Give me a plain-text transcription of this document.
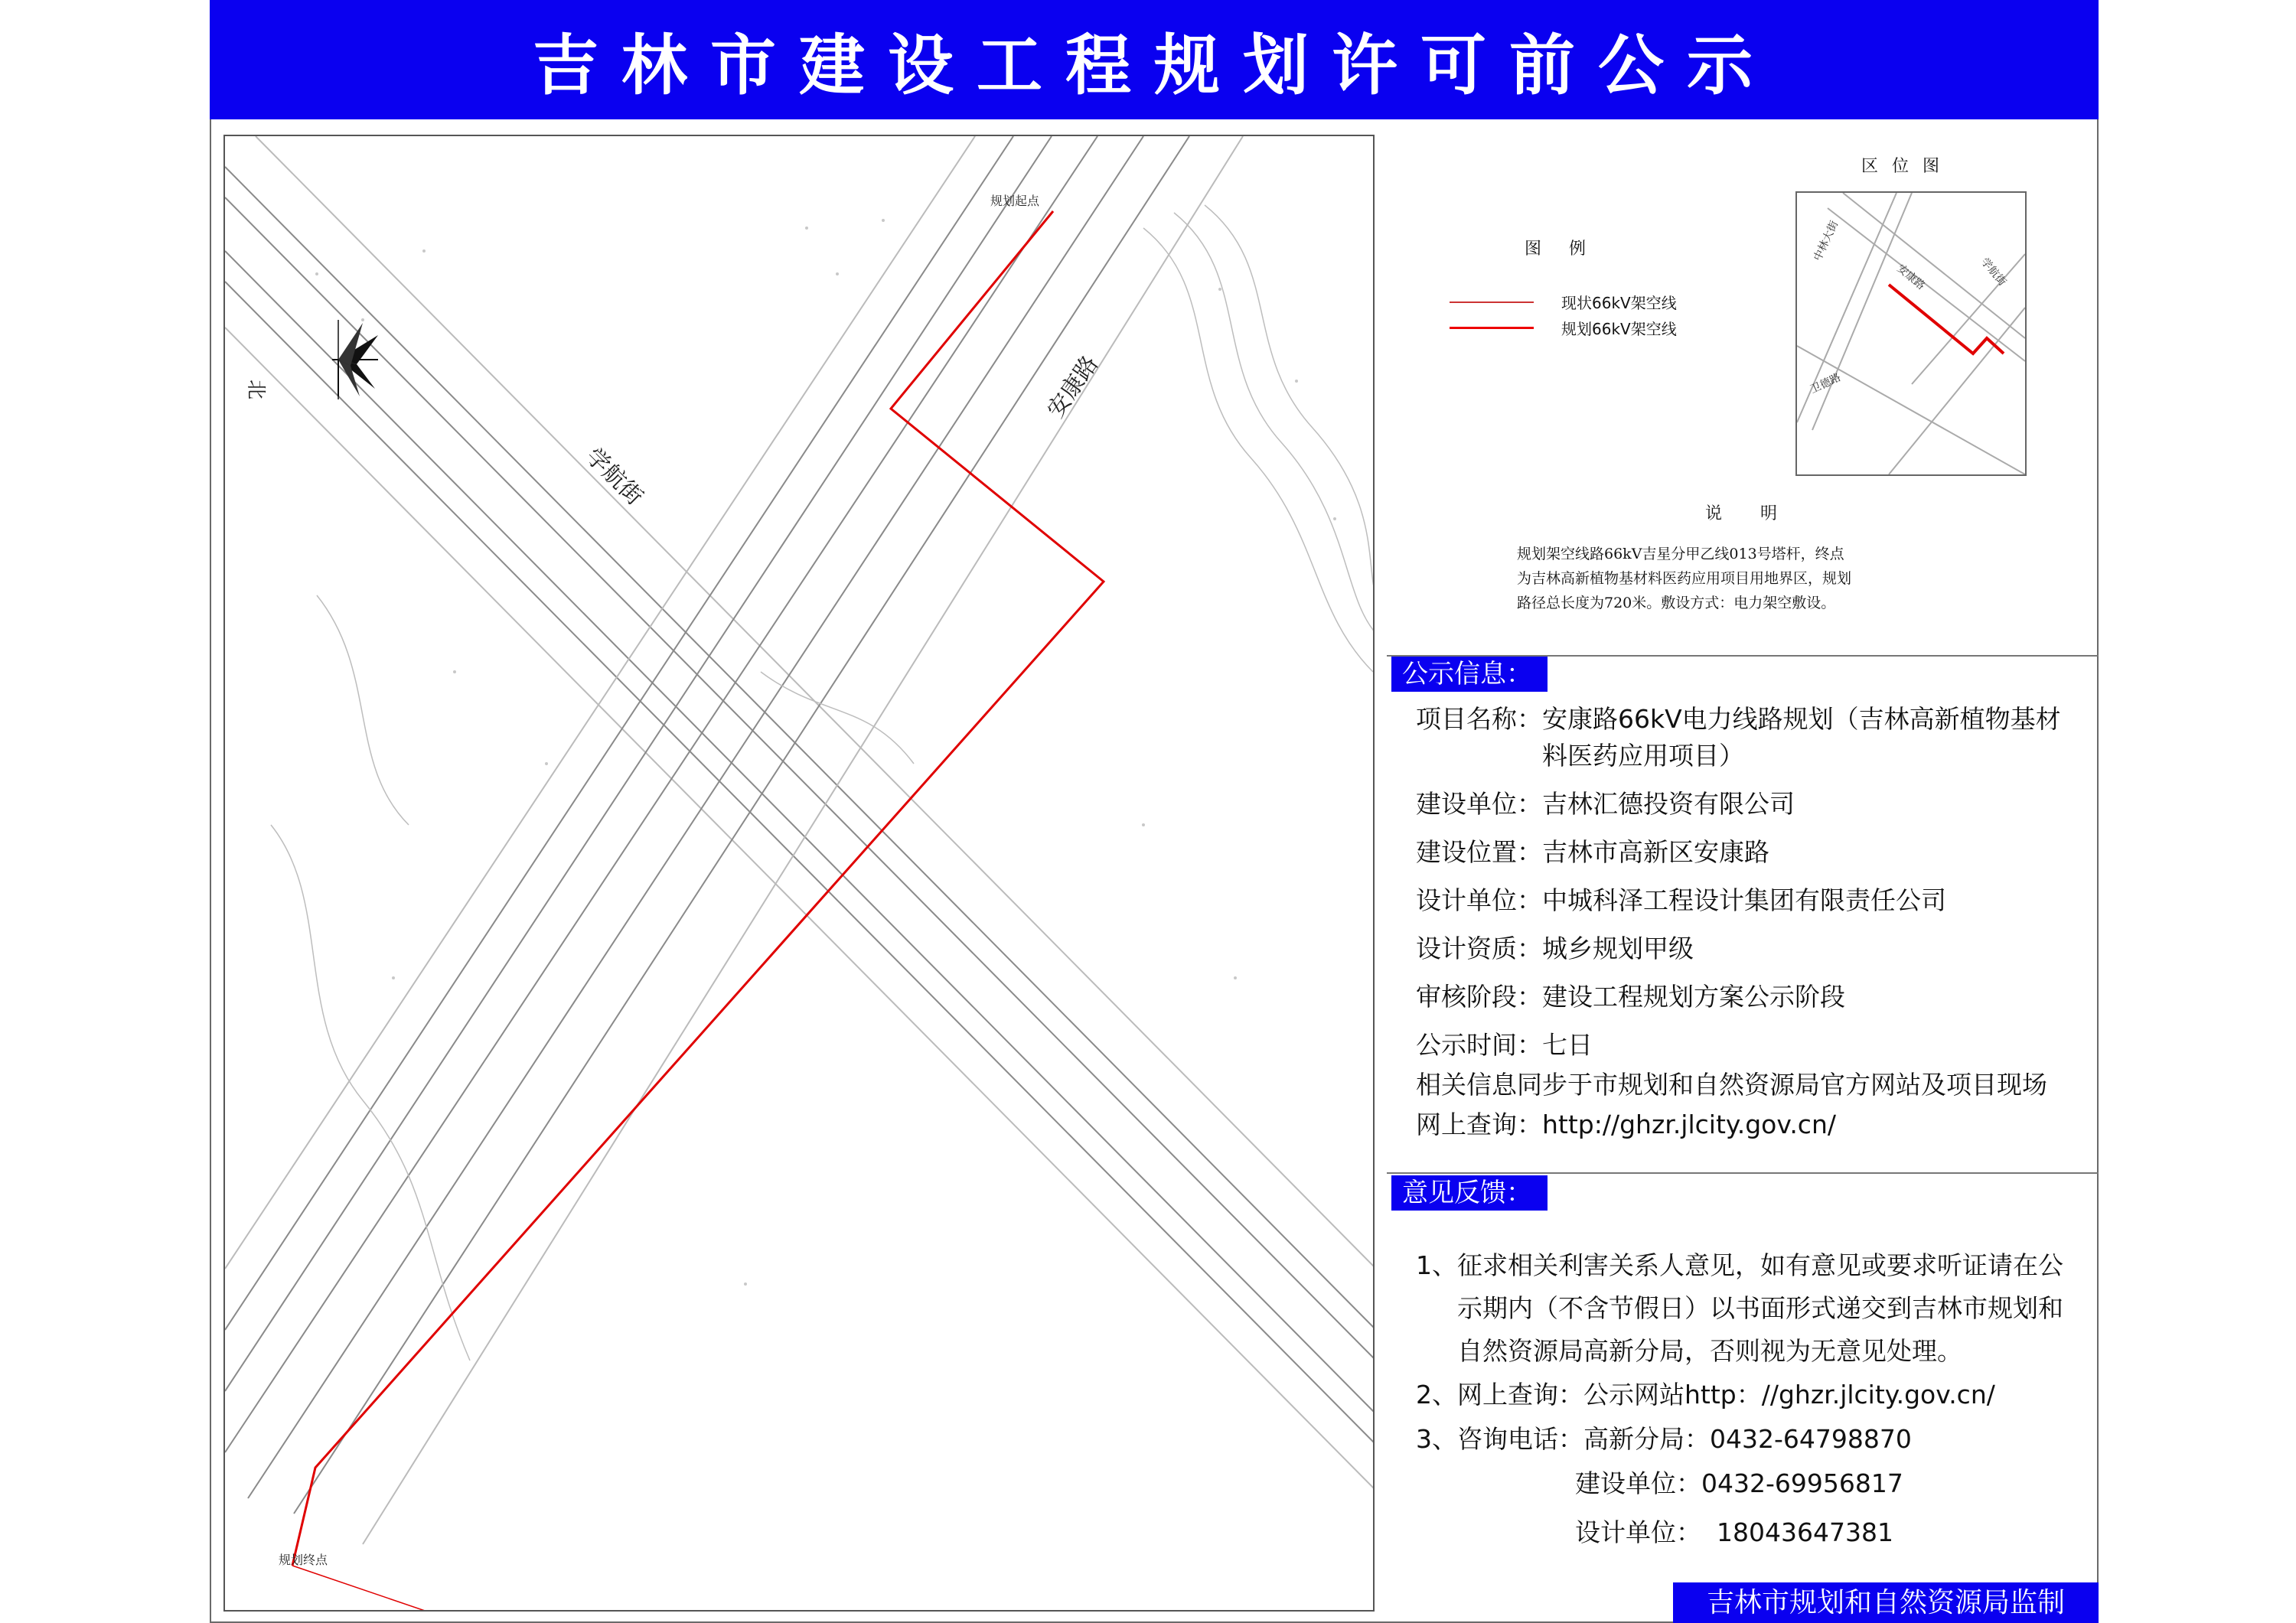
吉林市建设工程规划许可前公示
学航街
安康路
规划起点
规划终点
北
图例
现状66kV架空线
规划66kV架空线
区位图
中林大街
安康路	学航街
卫德路
说明
规划架空线路66kV吉星分甲乙线013号塔杆，终点为吉林高新植物基材料医药应用项目用地界区，规划路径总长度为720米。敷设方式：电力架空敷设。
公示信息：
项目名称： 安康路66kV电力线路规划（吉林高新植物基材料医药应用项目）
建设单位： 吉林汇德投资有限公司
建设位置： 吉林市高新区安康路
设计单位： 中城科泽工程设计集团有限责任公司
设计资质： 城乡规划甲级
审核阶段： 建设工程规划方案公示阶段
公示时间： 七日
相关信息同步于市规划和自然资源局官方网站及项目现场
网上查询： http://ghzr.jlcity.gov.cn/
意见反馈：
1、 征求相关利害关系人意见，如有意见或要求听证请在公示期内（不含节假日）以书面形式递交到吉林市规划和自然资源局高新分局，否则视为无意见处理。
2、 网上查询：公示网站http：//ghzr.jlcity.gov.cn/
3、 咨询电话：高新分局：0432-64798870
建设单位： 0432-69956817
设计单位： 18043647381
吉林市规划和自然资源局监制
